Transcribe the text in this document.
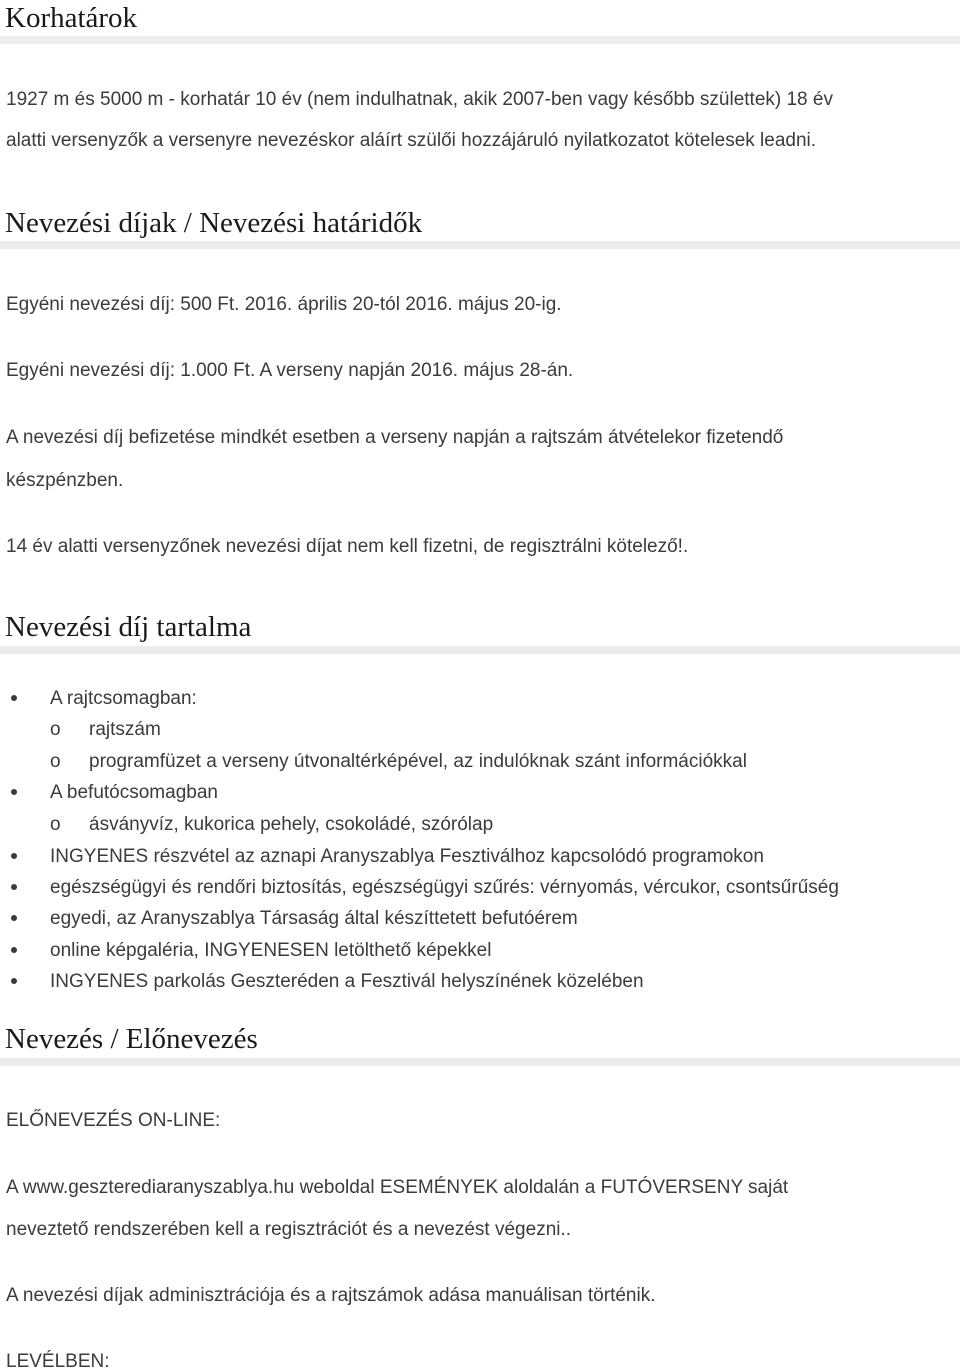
Korhatárok
1927 m és 5000 m - korhatár 10 év (nem indulhatnak, akik 2007-ben vagy később születtek) 18 év
alatti versenyzők a versenyre nevezéskor aláírt szülői hozzájáruló nyilatkozatot kötelesek leadni.
Nevezési díjak / Nevezési határidők
Egyéni nevezési díj: 500 Ft. 2016. április 20-tól 2016. május 20-ig.
Egyéni nevezési díj: 1.000 Ft. A verseny napján 2016. május 28-án.
A nevezési díj befizetése mindkét esetben a verseny napján a rajtszám átvételekor fizetendő
készpénzben.
14 év alatti versenyzőnek nevezési díjat nem kell fizetni, de regisztrálni kötelező!.
Nevezési díj tartalma
A rajtcsomagban:
o rajtszám
o programfüzet a verseny útvonaltérképével, az indulóknak szánt információkkal
A befutócsomagban
o ásványvíz, kukorica pehely, csokoládé, szórólap
INGYENES részvétel az aznapi Aranyszablya Fesztiválhoz kapcsolódó programokon
egészségügyi és rendőri biztosítás, egészségügyi szűrés: vérnyomás, vércukor, csontsűrűség
egyedi, az Aranyszablya Társaság által készíttetett befutóérem
online képgaléria, INGYENESEN letölthető képekkel
INGYENES parkolás Geszteréden a Fesztivál helyszínének közelében
Nevezés / Előnevezés
ELŐNEVEZÉS ON-LINE:
A www.geszterediaranyszablya.hu weboldal ESEMÉNYEK aloldalán a FUTÓVERSENY saját
neveztető rendszerében kell a regisztrációt és a nevezést végezni..
A nevezési díjak adminisztrációja és a rajtszámok adása manuálisan történik.
LEVÉLBEN:
